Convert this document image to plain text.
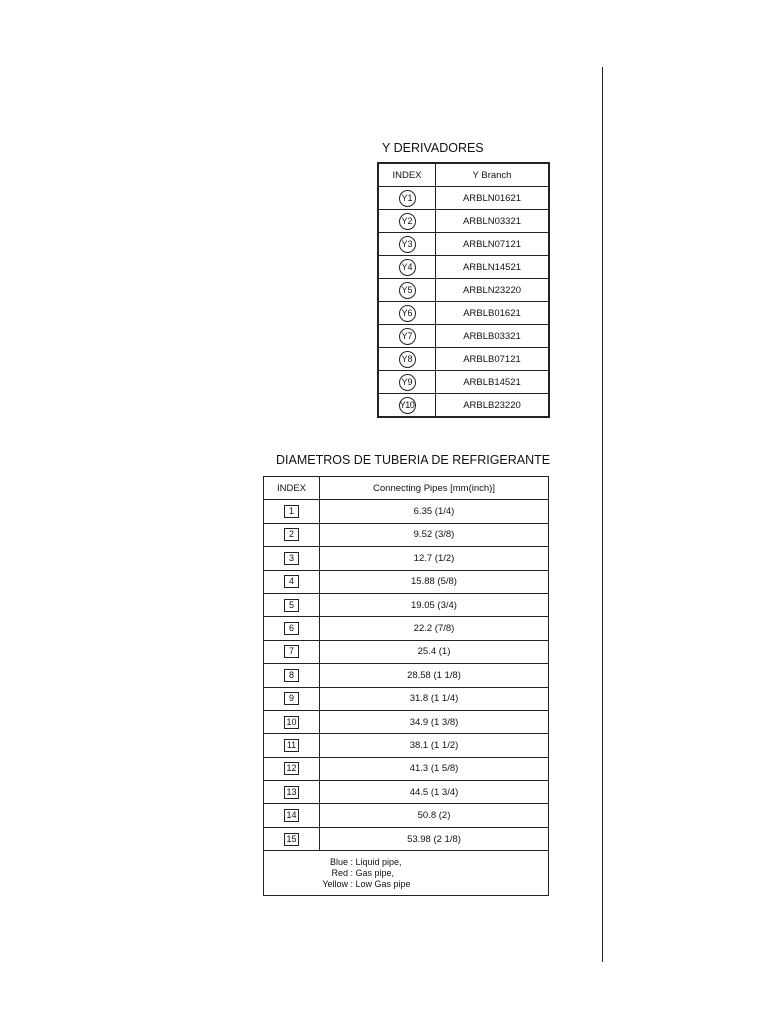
Y DERIVADORES
INDEX	Y Branch
Y1	ARBLN01621
Y2	ARBLN03321
Y3	ARBLN07121
Y4	ARBLN14521
Y5	ARBLN23220
Y6	ARBLB01621
Y7	ARBLB03321
Y8	ARBLB07121
Y9	ARBLB14521
Y10	ARBLB23220
DIAMETROS DE TUBERIA DE REFRIGERANTE
INDEX	Connecting Pipes [mm(inch)]
1	6.35 (1/4)
2	9.52 (3/8)
3	12.7 (1/2)
4	15.88 (5/8)
5	19.05 (3/4)
6	22.2 (7/8)
7	25.4 (1)
8	28.58 (1 1/8)
9	31.8 (1 1/4)
10	34.9 (1 3/8)
11	38.1 (1 1/2)
12	41.3 (1 5/8)
13	44.5 (1 3/4)
14	50.8 (2)
15	53.98 (2 1/8)

Blue : Liquid pipe,
Red : Gas pipe,
Yellow : Low Gas pipe	
